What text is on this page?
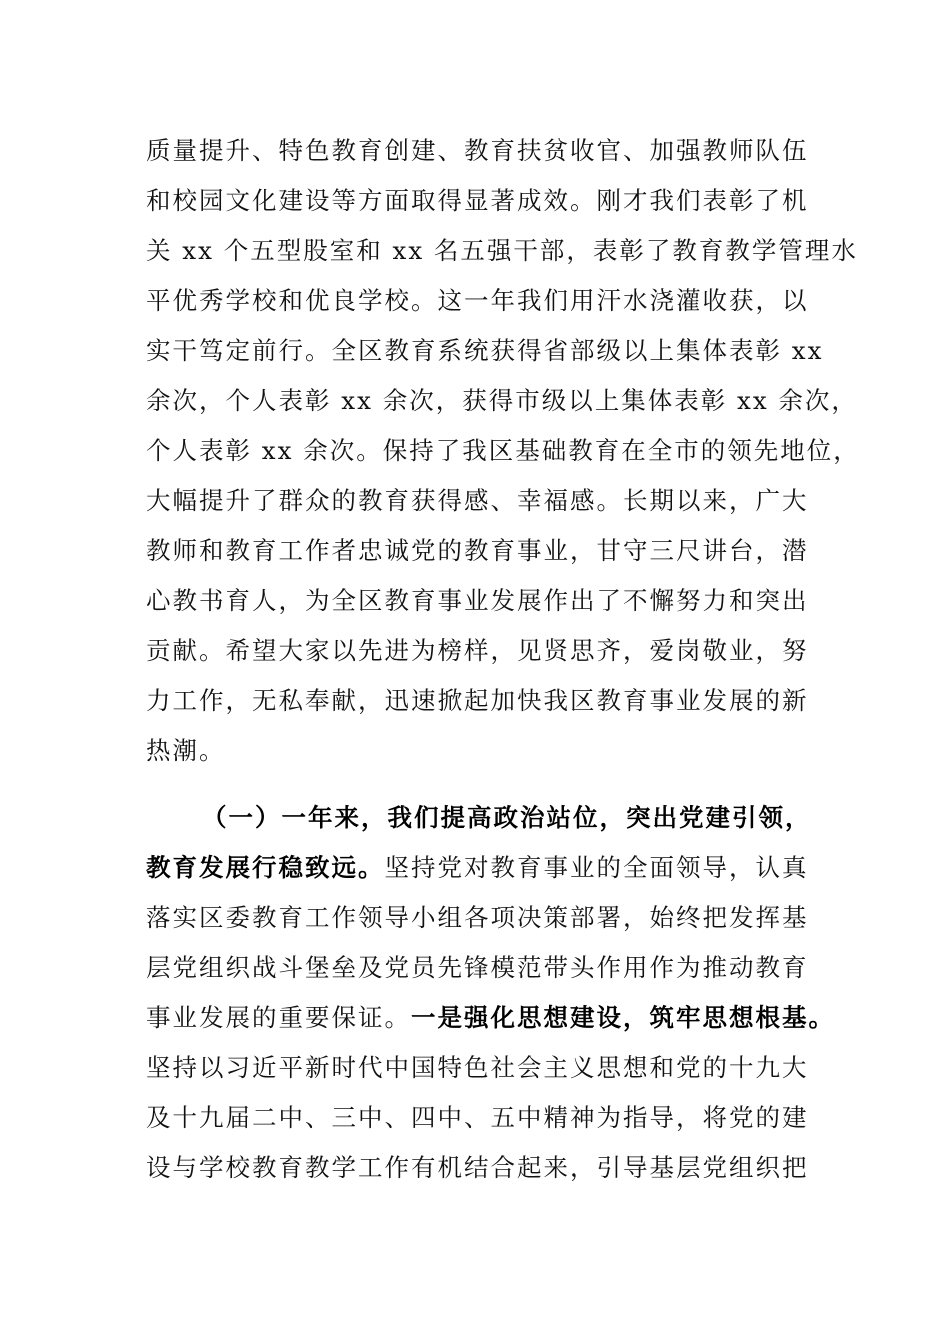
质量提升、特色教育创建、教育扶贫收官、加强教师队伍
和校园文化建设等方面取得显著成效。刚才我们表彰了机
关 xx 个五型股室和 xx 名五强干部，表彰了教育教学管理水
平优秀学校和优良学校。这一年我们用汗水浇灌收获，以
实干笃定前行。全区教育系统获得省部级以上集体表彰 xx
余次，个人表彰 xx 余次，获得市级以上集体表彰 xx 余次，
个人表彰 xx 余次。保持了我区基础教育在全市的领先地位，
大幅提升了群众的教育获得感、幸福感。长期以来，广大
教师和教育工作者忠诚党的教育事业，甘守三尺讲台，潜
心教书育人，为全区教育事业发展作出了不懈努力和突出
贡献。希望大家以先进为榜样，见贤思齐，爱岗敬业，努
力工作，无私奉献，迅速掀起加快我区教育事业发展的新
热潮。
（一）一年来，我们提高政治站位，突出党建引领，
教育发展行稳致远。坚持党对教育事业的全面领导，认真
落实区委教育工作领导小组各项决策部署，始终把发挥基
层党组织战斗堡垒及党员先锋模范带头作用作为推动教育
事业发展的重要保证。一是强化思想建设，筑牢思想根基。
坚持以习近平新时代中国特色社会主义思想和党的十九大
及十九届二中、三中、四中、五中精神为指导，将党的建
设与学校教育教学工作有机结合起来，引导基层党组织把
